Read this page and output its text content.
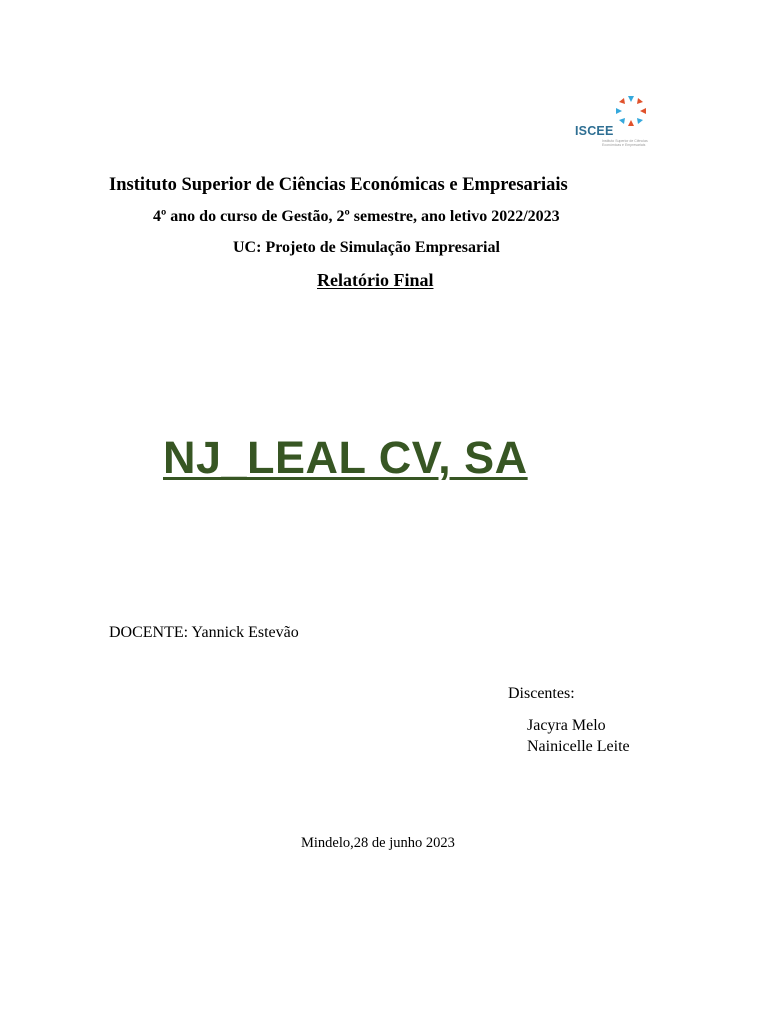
ISCEE
Instituto Superior de Ciências Económicas e Empresariais
Instituto Superior de Ciências Económicas e Empresariais
4º ano do curso de Gestão, 2º semestre, ano letivo 2022/2023
UC: Projeto de Simulação Empresarial
Relatório Final
NJ_LEAL CV, SA
DOCENTE: Yannick Estevão
Discentes:
Jacyra Melo
Nainicelle Leite
Mindelo,28 de junho 2023
